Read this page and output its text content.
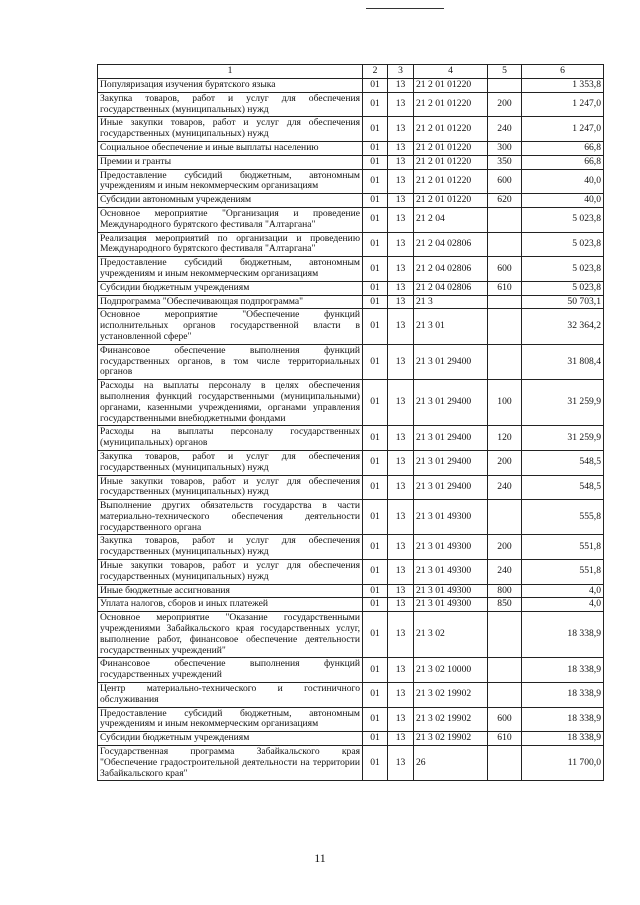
1	2	3	4	5	6
Популяризация изучения бурятского языка	01	13	21 2 01 01220		1 353,8
Закупка товаров, работ и услуг для обеспечения государственных (муниципальных) нужд	01	13	21 2 01 01220	200	1 247,0
Иные закупки товаров, работ и услуг для обеспечения государственных (муниципальных) нужд	01	13	21 2 01 01220	240	1 247,0
Социальное обеспечение и иные выплаты населению	01	13	21 2 01 01220	300	66,8
Премии и гранты	01	13	21 2 01 01220	350	66,8
Предоставление субсидий бюджетным, автономным учреждениям и иным некоммерческим организациям	01	13	21 2 01 01220	600	40,0
Субсидии автономным учреждениям	01	13	21 2 01 01220	620	40,0
Основное мероприятие "Организация и проведение Международного бурятского фестиваля "Алтаргана"	01	13	21 2 04		5 023,8
Реализация мероприятий по организации и проведению Международного бурятского фестиваля "Алтаргана"	01	13	21 2 04 02806		5 023,8
Предоставление субсидий бюджетным, автономным учреждениям и иным некоммерческим организациям	01	13	21 2 04 02806	600	5 023,8
Субсидии бюджетным учреждениям	01	13	21 2 04 02806	610	5 023,8
Подпрограмма "Обеспечивающая подпрограмма"	01	13	21 3		50 703,1
Основное мероприятие "Обеспечение функций исполнительных органов государственной власти в установленной сфере"	01	13	21 3 01		32 364,2
Финансовое обеспечение выполнения функций государственных органов, в том числе территориальных органов	01	13	21 3 01 29400		31 808,4
Расходы на выплаты персоналу в целях обеспечения выполнения функций государственными (муниципальными) органами, казенными учреждениями, органами управления государственными внебюджетными фондами	01	13	21 3 01 29400	100	31 259,9
Расходы на выплаты персоналу государственных (муниципальных) органов	01	13	21 3 01 29400	120	31 259,9
Закупка товаров, работ и услуг для обеспечения государственных (муниципальных) нужд	01	13	21 3 01 29400	200	548,5
Иные закупки товаров, работ и услуг для обеспечения государственных (муниципальных) нужд	01	13	21 3 01 29400	240	548,5
Выполнение других обязательств государства в части материально-технического обеспечения деятельности государственного органа	01	13	21 3 01 49300		555,8
Закупка товаров, работ и услуг для обеспечения государственных (муниципальных) нужд	01	13	21 3 01 49300	200	551,8
Иные закупки товаров, работ и услуг для обеспечения государственных (муниципальных) нужд	01	13	21 3 01 49300	240	551,8
Иные бюджетные ассигнования	01	13	21 3 01 49300	800	4,0
Уплата налогов, сборов и иных платежей	01	13	21 3 01 49300	850	4,0
Основное мероприятие "Оказание государственными учреждениями Забайкальского края государственных услуг, выполнение работ, финансовое обеспечение деятельности государственных учреждений"	01	13	21 3 02		18 338,9
Финансовое обеспечение выполнения функций государственных учреждений	01	13	21 3 02 10000		18 338,9
Центр материально-технического и гостиничного обслуживания	01	13	21 3 02 19902		18 338,9
Предоставление субсидий бюджетным, автономным учреждениям и иным некоммерческим организациям	01	13	21 3 02 19902	600	18 338,9
Субсидии бюджетным учреждениям	01	13	21 3 02 19902	610	18 338,9
Государственная программа Забайкальского края "Обеспечение градостроительной деятельности на территории Забайкальского края"	01	13	26		11 700,0
11
